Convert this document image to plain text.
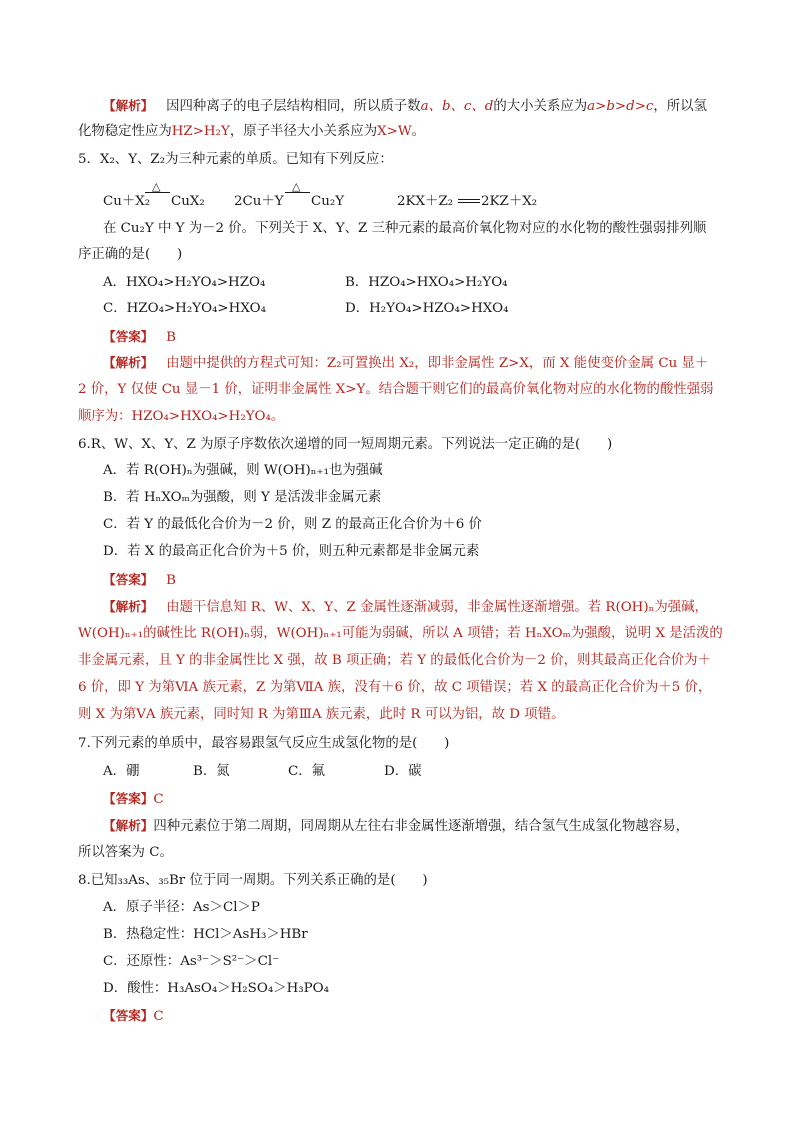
【解析】 因四种离子的电子层结构相同，所以质子数a、b、c、d的大小关系应为a>b>d>c，所以氢
化物稳定性应为HZ>H₂Y，原子半径大小关系应为X>W。
5．X₂、Y、Z₂为三种元素的单质。已知有下列反应：
Cu＋X₂
△
CuX₂ 2Cu＋Y
△
Cu₂Y	2KX＋Z₂ 2KZ＋X₂
在 Cu₂Y 中 Y 为－2 价。下列关于 X、Y、Z 三种元素的最高价氧化物对应的水化物的酸性强弱排列顺
序正确的是(　　)
A．HXO₄>H₂YO₄>HZO₄	B．HZO₄>HXO₄>H₂YO₄
C．HZO₄>H₂YO₄>HXO₄	D．H₂YO₄>HZO₄>HXO₄
【答案】 B
【解析】 由题中提供的方程式可知：Z₂可置换出 X₂，即非金属性 Z>X，而 X 能使变价金属 Cu 显＋
2 价，Y 仅使 Cu 显－1 价，证明非金属性 X>Y。结合题干则它们的最高价氧化物对应的水化物的酸性强弱
顺序为：HZO₄>HXO₄>H₂YO₄。
6.R、W、X、Y、Z 为原子序数依次递增的同一短周期元素。下列说法一定正确的是(　　)
A．若 R(OH)ₙ为强碱，则 W(OH)ₙ₊₁也为强碱
B．若 HₙXOₘ为强酸，则 Y 是活泼非金属元素
C．若 Y 的最低化合价为－2 价，则 Z 的最高正化合价为＋6 价
D．若 X 的最高正化合价为＋5 价，则五种元素都是非金属元素
【答案】 B
【解析】 由题干信息知 R、W、X、Y、Z 金属性逐渐减弱，非金属性逐渐增强。若 R(OH)ₙ为强碱，
W(OH)ₙ₊₁的碱性比 R(OH)ₙ弱，W(OH)ₙ₊₁可能为弱碱，所以 A 项错；若 HₙXOₘ为强酸，说明 X 是活泼的
非金属元素，且 Y 的非金属性比 X 强，故 B 项正确；若 Y 的最低化合价为－2 价，则其最高正化合价为＋
6 价，即 Y 为第ⅥA 族元素，Z 为第ⅦA 族，没有＋6 价，故 C 项错误；若 X 的最高正化合价为＋5 价，
则 X 为第ⅤA 族元素，同时知 R 为第ⅢA 族元素，此时 R 可以为铝，故 D 项错。
7.下列元素的单质中，最容易跟氢气反应生成氢化物的是(　　)
A．硼	B．氮	C．氟	D．碳
【答案】C
【解析】四种元素位于第二周期，同周期从左往右非金属性逐渐增强，结合氢气生成氢化物越容易，
所以答案为 C。
8.已知₃₃As、₃₅Br 位于同一周期。下列关系正确的是(　　)
A．原子半径：As＞Cl＞P
B．热稳定性：HCl＞AsH₃＞HBr
C．还原性：As³⁻＞S²⁻＞Cl⁻
D．酸性：H₃AsO₄＞H₂SO₄＞H₃PO₄
【答案】C
